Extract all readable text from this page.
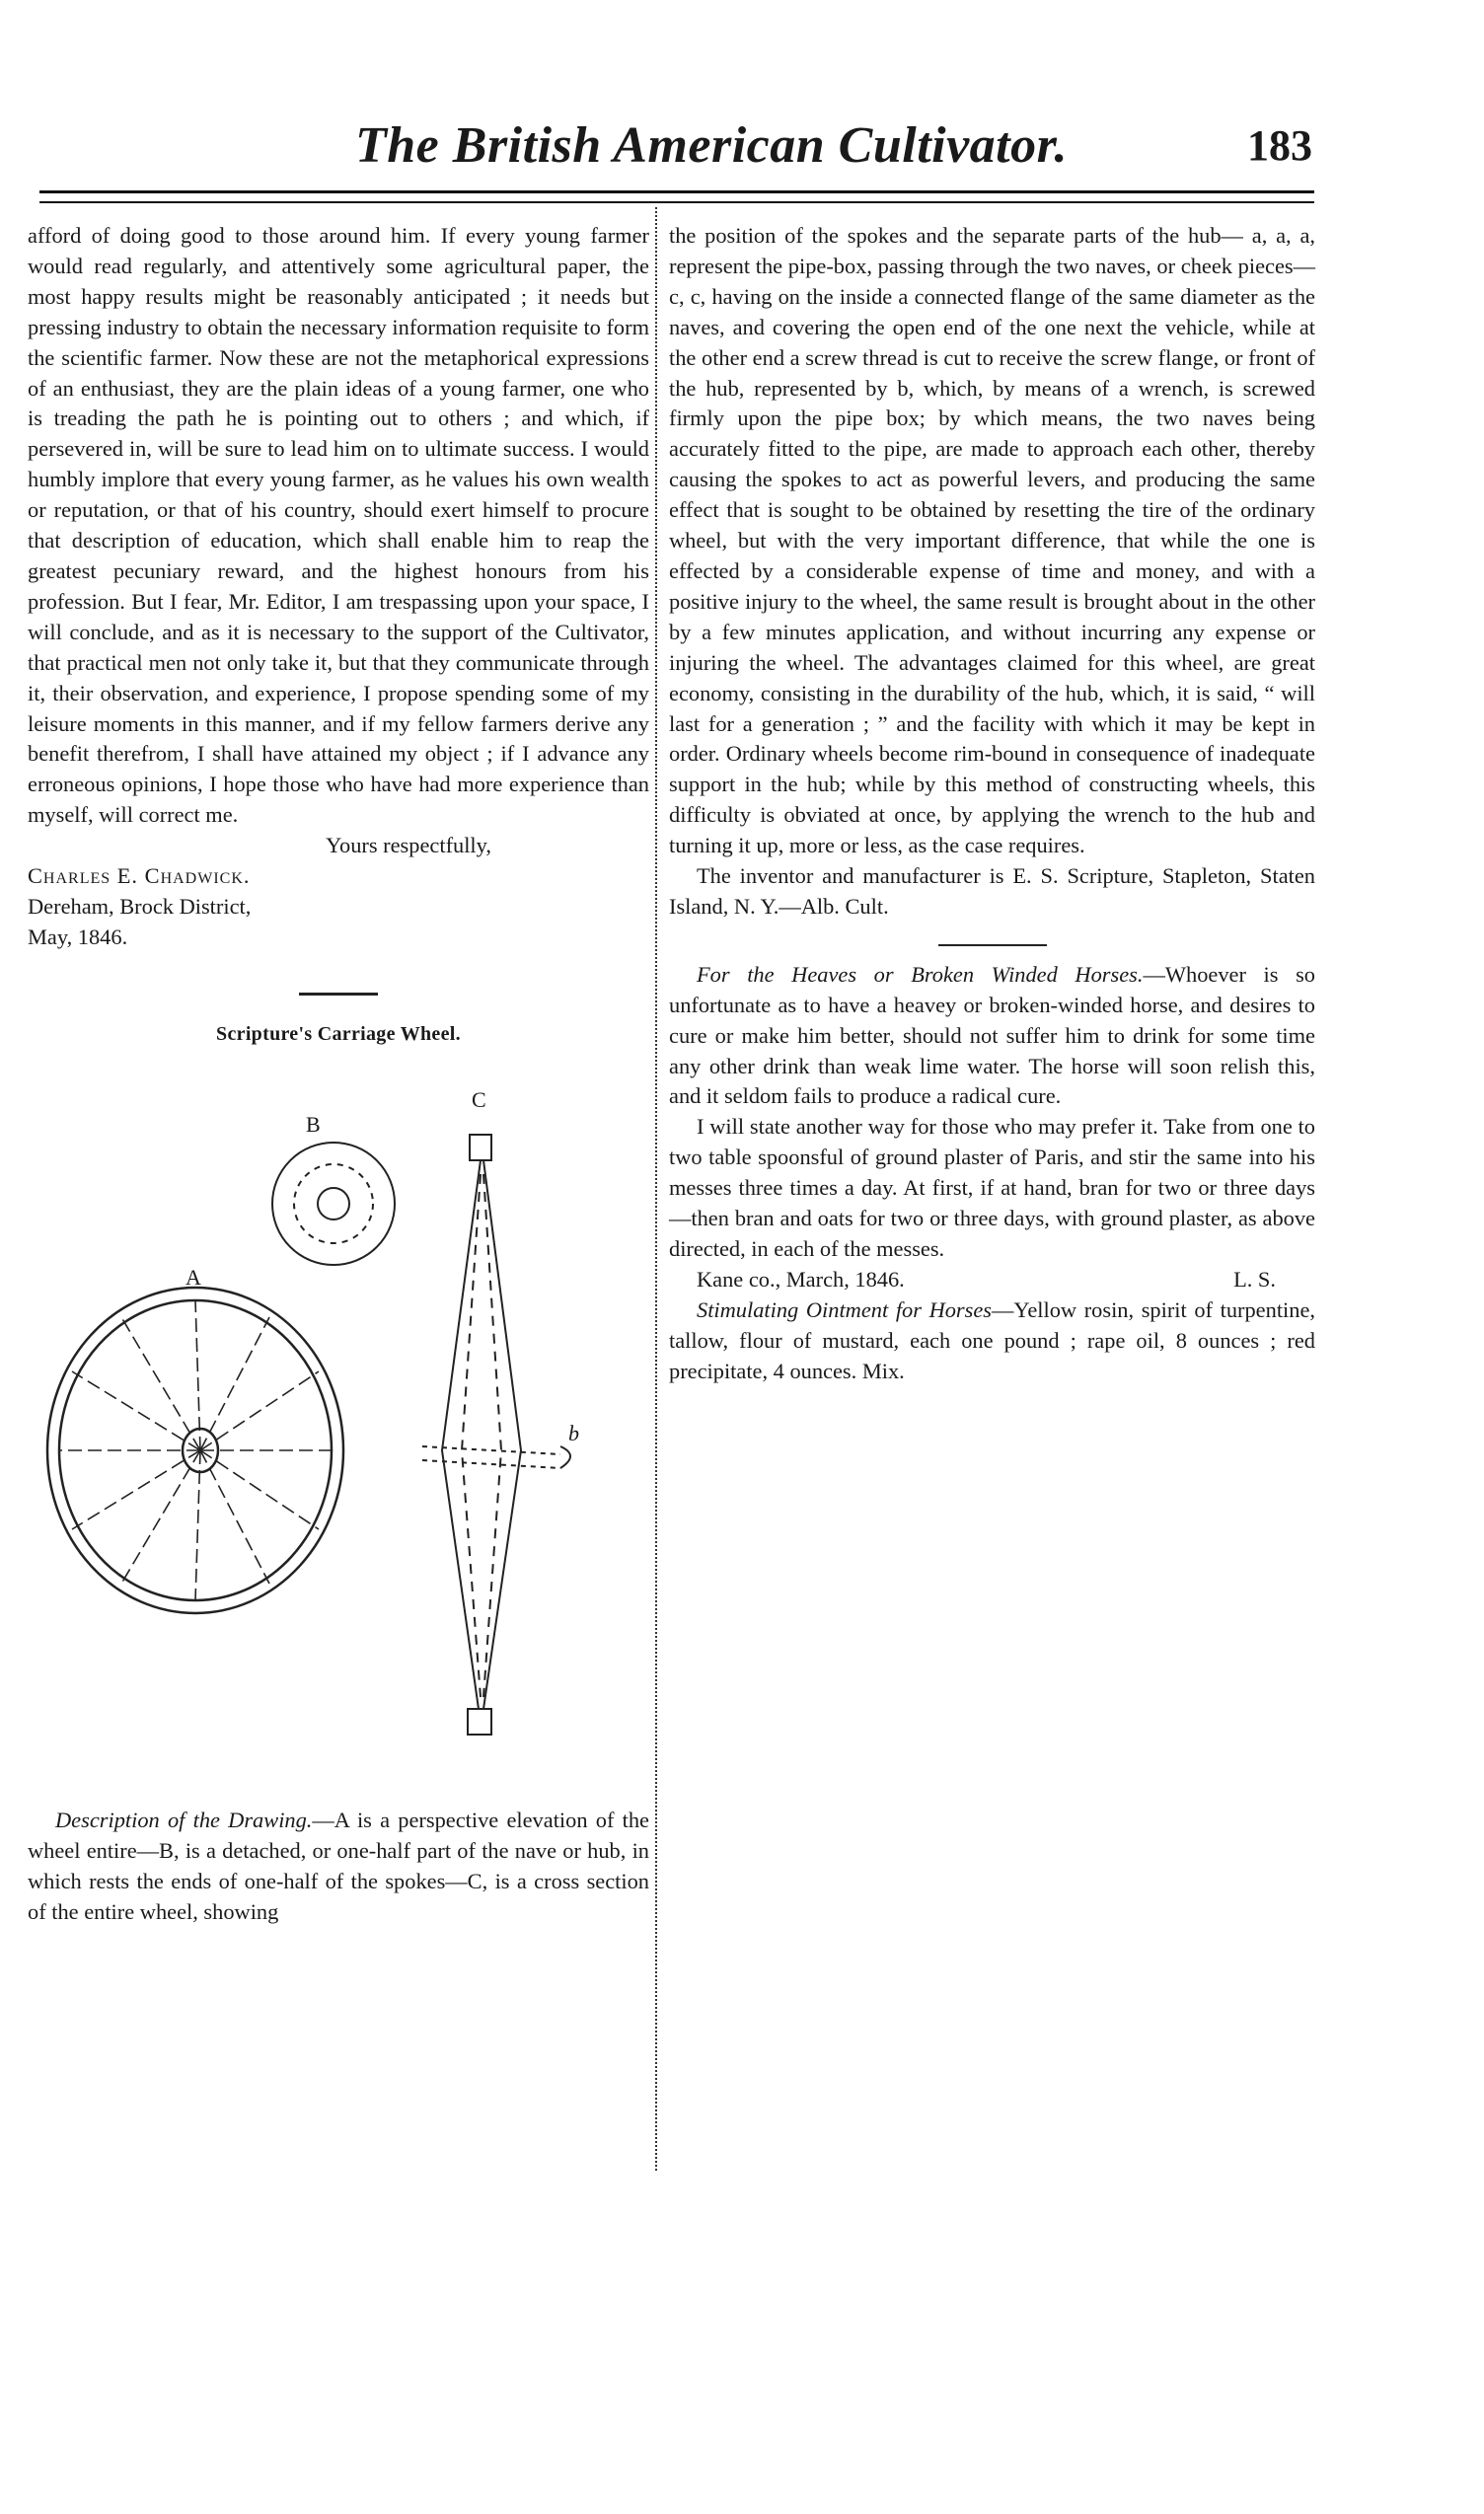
The British American Cultivator.	183

afford of doing good to those around him. If every young farmer would read regularly, and attentively some agricultural paper, the most happy results might be reasonably anticipated ; it needs but pressing industry to obtain the necessary information requisite to form the scientific farmer. Now these are not the metaphorical expressions of an enthusiast, they are the plain ideas of a young farmer, one who is treading the path he is pointing out to others ; and which, if persevered in, will be sure to lead him on to ultimate success. I would humbly implore that every young farmer, as he values his own wealth or reputation, or that of his country, should exert himself to procure that description of education, which shall enable him to reap the greatest pecuniary reward, and the highest honours from his profession. But I fear, Mr. Editor, I am trespassing upon your space, I will conclude, and as it is necessary to the support of the Cultivator, that practical men not only take it, but that they communicate through it, their observation, and experience, I propose spending some of my leisure moments in this manner, and if my fellow farmers derive any benefit therefrom, I shall have attained my object ; if I advance any erroneous opinions, I hope those who have had more experience than myself, will correct me.

Yours respectfully,

Charles E. Chadwick.

Dereham, Brock District,

May, 1846.

Scripture's Carriage Wheel.
B
C
A
b

Description of the Drawing.—A is a perspective elevation of the wheel entire—B, is a detached, or one-half part of the nave or hub, in which rests the ends of one-half of the spokes—C, is a cross section of the entire wheel, showing

the position of the spokes and the separate parts of the hub— a, a, a, represent the pipe-box, passing through the two naves, or cheek pieces—c, c, having on the inside a connected flange of the same diameter as the naves, and covering the open end of the one next the vehicle, while at the other end a screw thread is cut to receive the screw flange, or front of the hub, represented by b, which, by means of a wrench, is screwed firmly upon the pipe box; by which means, the two naves being accurately fitted to the pipe, are made to approach each other, thereby causing the spokes to act as powerful levers, and producing the same effect that is sought to be obtained by resetting the tire of the ordinary wheel, but with the very important difference, that while the one is effected by a considerable expense of time and money, and with a positive injury to the wheel, the same result is brought about in the other by a few minutes application, and without incurring any expense or injuring the wheel. The advantages claimed for this wheel, are great economy, consisting in the durability of the hub, which, it is said, “ will last for a generation ; ” and the facility with which it may be kept in order. Ordinary wheels become rim-bound in consequence of inadequate support in the hub; while by this method of constructing wheels, this difficulty is obviated at once, by applying the wrench to the hub and turning it up, more or less, as the case requires.

The inventor and manufacturer is E. S. Scripture, Stapleton, Staten Island, N. Y.—Alb. Cult.

For the Heaves or Broken Winded Horses.—Whoever is so unfortunate as to have a heavey or broken-winded horse, and desires to cure or make him better, should not suffer him to drink for some time any other drink than weak lime water. The horse will soon relish this, and it seldom fails to produce a radical cure.

I will state another way for those who may prefer it. Take from one to two table spoonsful of ground plaster of Paris, and stir the same into his messes three times a day. At first, if at hand, bran for two or three days—then bran and oats for two or three days, with ground plaster, as above directed, in each of the messes.

Kane co., March, 1846.	L. S.

Stimulating Ointment for Horses—Yellow rosin, spirit of turpentine, tallow, flour of mustard, each one pound ; rape oil, 8 ounces ; red precipitate, 4 ounces. Mix.
